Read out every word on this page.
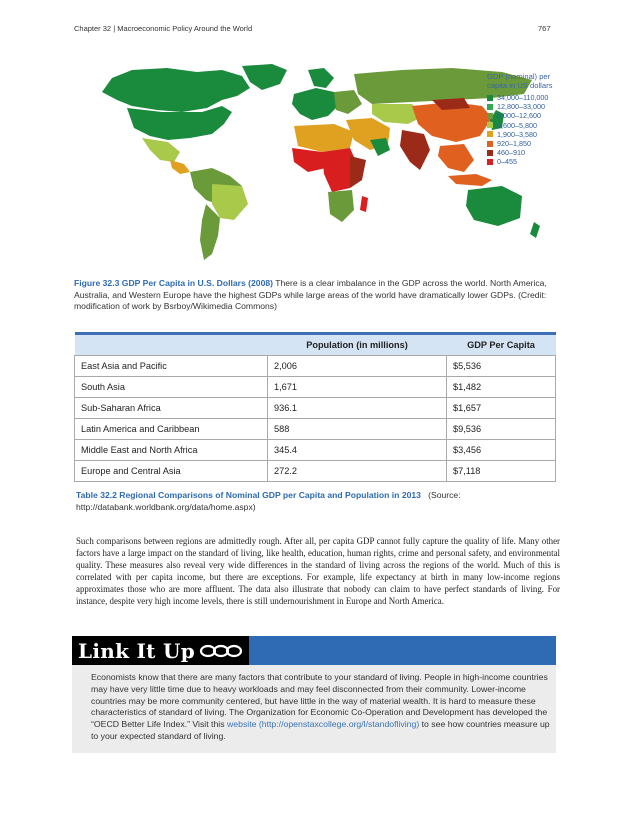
Chapter 32 | Macroeconomic Policy Around the World	767
GDP (nominal) per capita in US dollars
34,000–110,000
12,800–33,000
6,000–12,600
3,600–5,800
1,900–3,580
920–1,850
460–910
0–455
Figure 32.3 GDP Per Capita in U.S. Dollars (2008) There is a clear imbalance in the GDP across the world. North America, Australia, and Western Europe have the highest GDPs while large areas of the world have dramatically lower GDPs. (Credit: modification of work by Bsrboy/Wikimedia Commons)
	Population (in millions)	GDP Per Capita
East Asia and Pacific	2,006	$5,536
South Asia	1,671	$1,482
Sub-Saharan Africa	936.1	$1,657
Latin America and Caribbean	588	$9,536
Middle East and North Africa	345.4	$3,456
Europe and Central Asia	272.2	$7,118
Table 32.2 Regional Comparisons of Nominal GDP per Capita and Population in 2013 (Source: http://databank.worldbank.org/data/home.aspx)
Such comparisons between regions are admittedly rough. After all, per capita GDP cannot fully capture the quality of life. Many other factors have a large impact on the standard of living, like health, education, human rights, crime and personal safety, and environmental quality. These measures also reveal very wide differences in the standard of living across the regions of the world. Much of this is correlated with per capita income, but there are exceptions. For example, life expectancy at birth in many low-income regions approximates those who are more affluent. The data also illustrate that nobody can claim to have perfect standards of living. For instance, despite very high income levels, there is still undernourishment in Europe and North America.
Link It Up
Economists know that there are many factors that contribute to your standard of living. People in high-income countries may have very little time due to heavy workloads and may feel disconnected from their community. Lower-income countries may be more community centered, but have little in the way of material wealth. It is hard to measure these characteristics of standard of living. The Organization for Economic Co-Operation and Development has developed the “OECD Better Life Index.” Visit this website (http://openstaxcollege.org/l/standofliving) to see how countries measure up to your expected standard of living.
